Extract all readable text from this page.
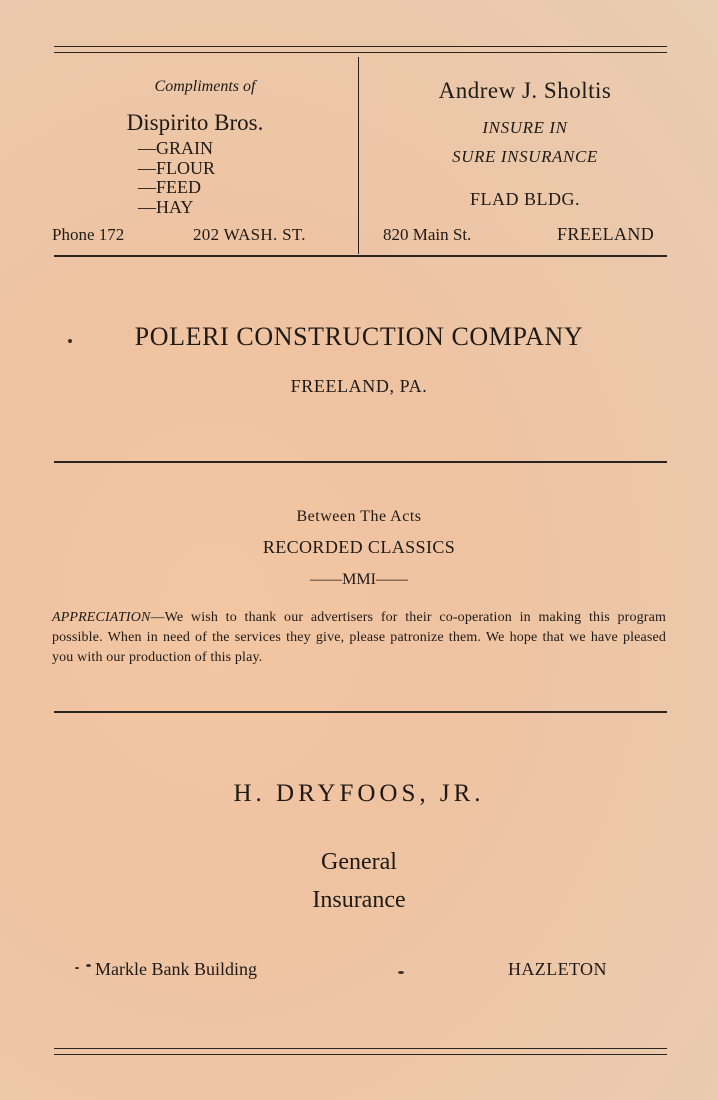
Compliments of
Dispirito Bros.
—GRAIN
—FLOUR
—FEED
—HAY
Phone 172	202 WASH. ST.
Andrew J. Sholtis
INSURE IN
SURE INSURANCE
FLAD BLDG.
820 Main St.	FREELAND
POLERI CONSTRUCTION COMPANY
FREELAND, PA.
Between The Acts
RECORDED CLASSICS
——MMI——

APPRECIATION—We wish to thank our advertisers for their co-operation in making this program possible. When in need of the services they give, please patronize them. We hope that we have pleased you with our production of this play.

H. DRYFOOS, JR.
General
Insurance
Markle Bank Building	HAZLETON
